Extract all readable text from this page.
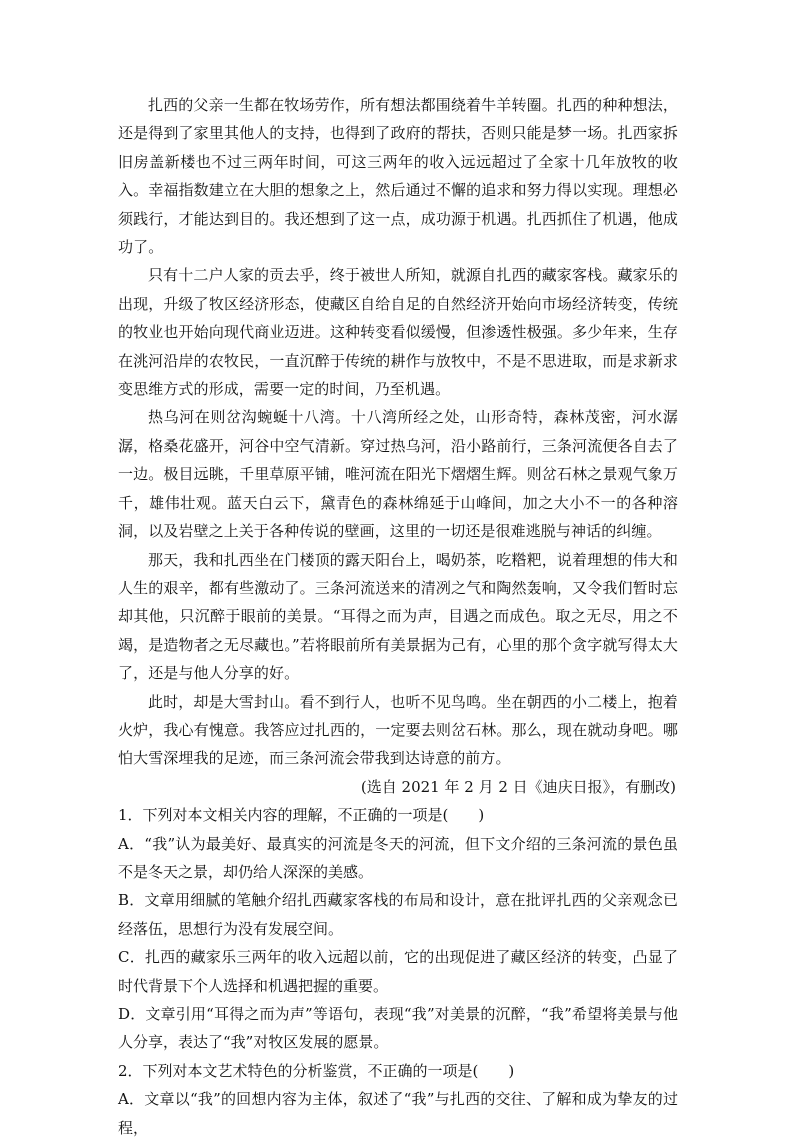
扎西的父亲一生都在牧场劳作，所有想法都围绕着牛羊转圈。扎西的种种想法，还是得到了家里其他人的支持，也得到了政府的帮扶，否则只能是梦一场。扎西家拆旧房盖新楼也不过三两年时间，可这三两年的收入远远超过了全家十几年放牧的收入。幸福指数建立在大胆的想象之上，然后通过不懈的追求和努力得以实现。理想必须践行，才能达到目的。我还想到了这一点，成功源于机遇。扎西抓住了机遇，他成功了。

只有十二户人家的贡去乎，终于被世人所知，就源自扎西的藏家客栈。藏家乐的出现，升级了牧区经济形态，使藏区自给自足的自然经济开始向市场经济转变，传统的牧业也开始向现代商业迈进。这种转变看似缓慢，但渗透性极强。多少年来，生存在洮河沿岸的农牧民，一直沉醉于传统的耕作与放牧中，不是不思进取，而是求新求变思维方式的形成，需要一定的时间，乃至机遇。

热乌河在则岔沟蜿蜒十八湾。十八湾所经之处，山形奇特，森林茂密，河水潺潺，格桑花盛开，河谷中空气清新。穿过热乌河，沿小路前行，三条河流便各自去了一边。极目远眺，千里草原平铺，唯河流在阳光下熠熠生辉。则岔石林之景观气象万千，雄伟壮观。蓝天白云下，黛青色的森林绵延于山峰间，加之大小不一的各种溶洞，以及岩壁之上关于各种传说的壁画，这里的一切还是很难逃脱与神话的纠缠。

那天，我和扎西坐在门楼顶的露天阳台上，喝奶茶，吃糌粑，说着理想的伟大和人生的艰辛，都有些激动了。三条河流送来的清冽之气和陶然轰响，又令我们暂时忘却其他，只沉醉于眼前的美景。“耳得之而为声，目遇之而成色。取之无尽，用之不竭，是造物者之无尽藏也。”若将眼前所有美景据为己有，心里的那个贪字就写得太大了，还是与他人分享的好。

此时，却是大雪封山。看不到行人，也听不见鸟鸣。坐在朝西的小二楼上，抱着火炉，我心有愧意。我答应过扎西的，一定要去则岔石林。那么，现在就动身吧。哪怕大雪深埋我的足迹，而三条河流会带我到达诗意的前方。

(选自 2021 年 2 月 2 日《迪庆日报》，有删改)

1．下列对本文相关内容的理解，不正确的一项是(　　)

A．“我”认为最美好、最真实的河流是冬天的河流，但下文介绍的三条河流的景色虽不是冬天之景，却仍给人深深的美感。

B．文章用细腻的笔触介绍扎西藏家客栈的布局和设计，意在批评扎西的父亲观念已经落伍，思想行为没有发展空间。

C．扎西的藏家乐三两年的收入远超以前，它的出现促进了藏区经济的转变，凸显了时代背景下个人选择和机遇把握的重要。

D．文章引用“耳得之而为声”等语句，表现“我”对美景的沉醉，“我”希望将美景与他人分享，表达了“我”对牧区发展的愿景。

2．下列对本文艺术特色的分析鉴赏，不正确的一项是(　　)

A．文章以“我”的回想内容为主体，叙述了“我”与扎西的交往、了解和成为挚友的过程，
